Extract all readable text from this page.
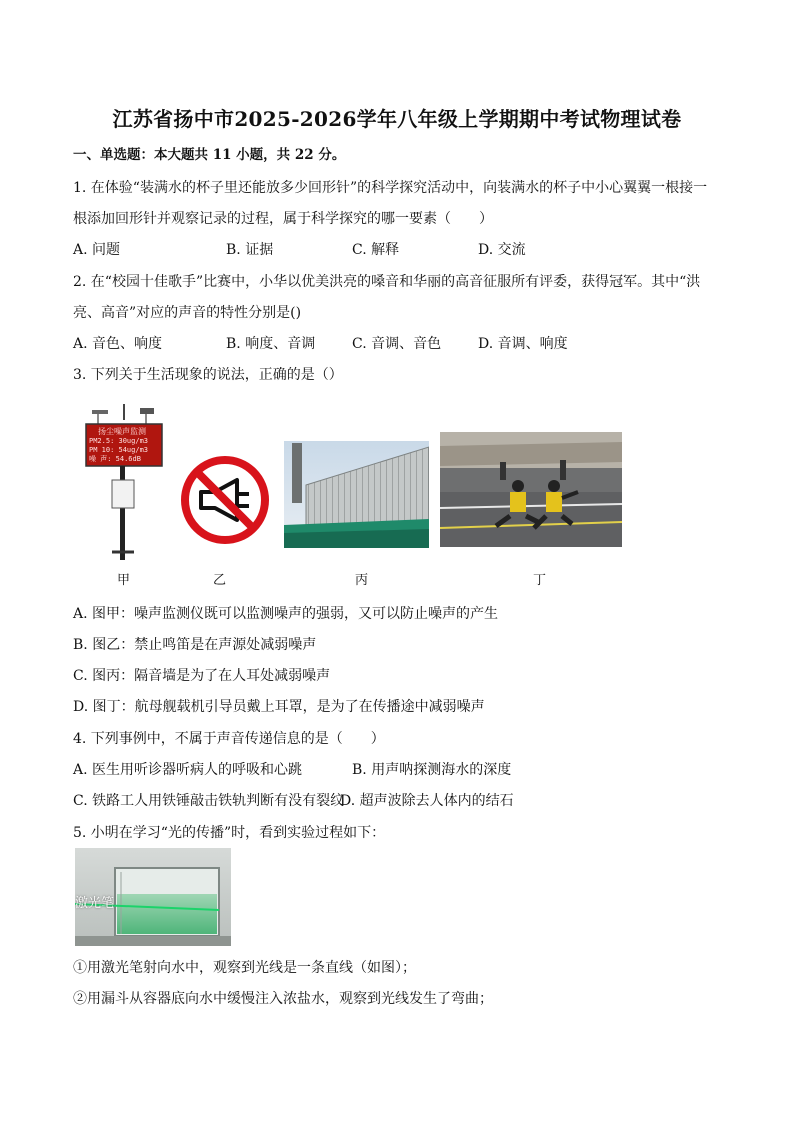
江苏省扬中市2025-2026学年八年级上学期期中考试物理试卷
一、单选题：本大题共 11 小题，共 22 分。
1. 在体验“装满水的杯子里还能放多少回形针”的科学探究活动中，向装满水的杯子中小心翼翼一根接一
根添加回形针并观察记录的过程，属于科学探究的哪一要素（　　）
A. 问题	B. 证据	C. 解释	D. 交流
2. 在“校园十佳歌手”比赛中，小华以优美洪亮的嗓音和华丽的高音征服所有评委，获得冠军。其中“洪
亮、高音”对应的声音的特性分别是()
A. 音色、响度	B. 响度、音调	C. 音调、音色	D. 音调、响度
3. 下列关于生活现象的说法，正确的是（）
扬尘噪声监测
PM2.5: 30ug/m3
PM 10: 54ug/m3
噪 声: 54.6dB
甲	乙	丙	丁
A. 图甲：噪声监测仪既可以监测噪声的强弱，又可以防止噪声的产生
B. 图乙：禁止鸣笛是在声源处减弱噪声
C. 图丙：隔音墙是为了在人耳处减弱噪声
D. 图丁：航母舰载机引导员戴上耳罩，是为了在传播途中减弱噪声
4. 下列事例中，不属于声音传递信息的是（　　）
A. 医生用听诊器听病人的呼吸和心跳	B. 用声呐探测海水的深度
C. 铁路工人用铁锤敲击铁轨判断有没有裂纹
D. 超声波除去人体内的结石
5. 小明在学习“光的传播”时，看到实验过程如下：
激光笔
①用激光笔射向水中，观察到光线是一条直线（如图）；
②用漏斗从容器底向水中缓慢注入浓盐水，观察到光线发生了弯曲；
